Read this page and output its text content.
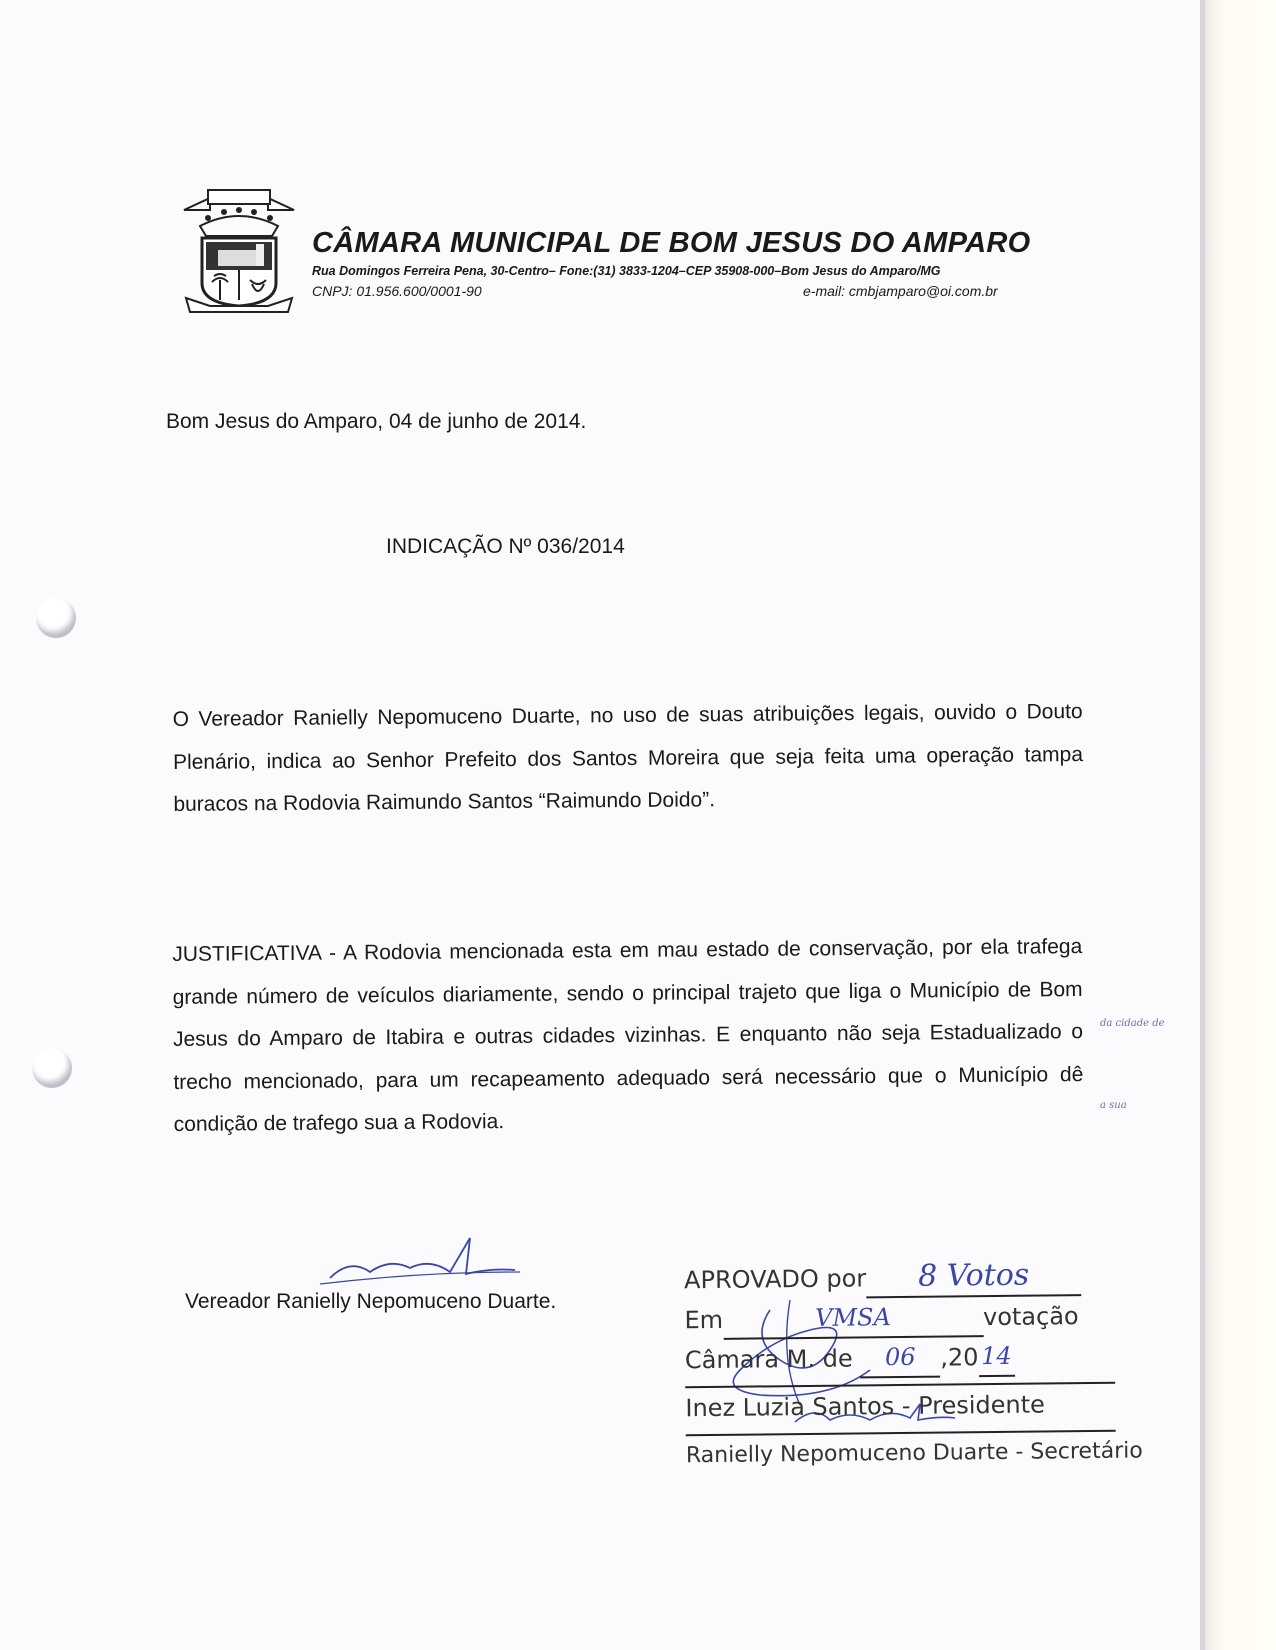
CÂMARA MUNICIPAL DE BOM JESUS DO AMPARO
Rua Domingos Ferreira Pena, 30-Centro– Fone:(31) 3833-1204–CEP 35908-000–Bom Jesus do Amparo/MG
CNPJ: 01.956.600/0001-90	e-mail: cmbjamparo@oi.com.br
Bom Jesus do Amparo, 04 de junho de 2014.
INDICAÇÃO Nº 036/2014
O Vereador Ranielly Nepomuceno Duarte, no uso de suas atribuições legais, ouvido o Douto Plenário, indica ao Senhor Prefeito dos Santos Moreira que seja feita uma operação tampa buracos na Rodovia Raimundo Santos “Raimundo Doido”.
JUSTIFICATIVA - A Rodovia mencionada esta em mau estado de conservação, por ela trafega grande número de veículos diariamente, sendo o principal trajeto que liga o Município de Bom Jesus do Amparo de Itabira e outras cidades vizinhas. E enquanto não seja Estadualizado o trecho mencionado, para um recapeamento adequado será necessário que o Município dê condição de trafego sua a Rodovia.
da cidade de
a sua
Vereador Ranielly Nepomuceno Duarte.
APROVADO por 8 Votos
Em	VMSA	votação
Câmara M. de 06 ,20 14
Inez Luzia Santos - Presidente
Ranielly Nepomuceno Duarte - Secretário
